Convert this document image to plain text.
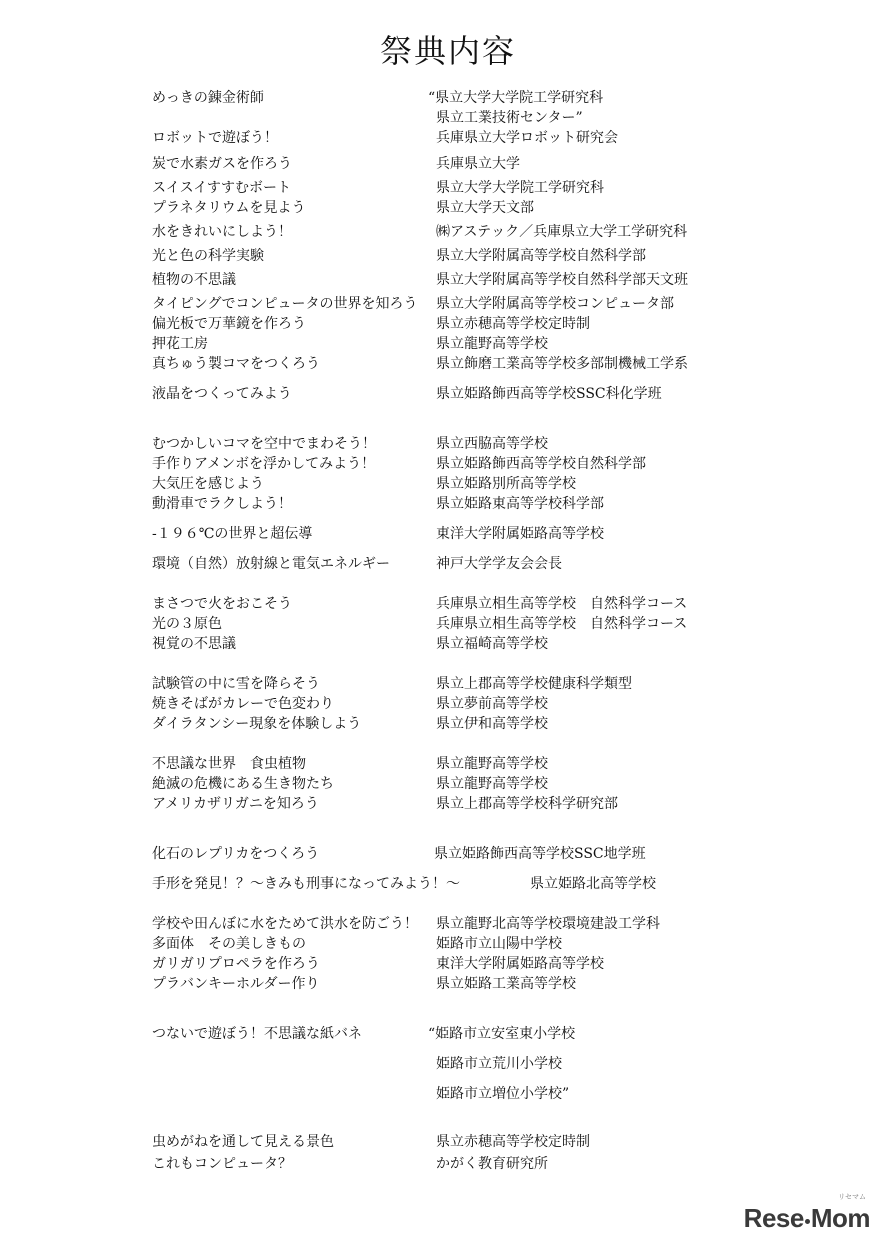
祭典内容
めっきの錬金術師	“県立大学大学院工学研究科
県立工業技術センター”
ロボットで遊ぼう！	兵庫県立大学ロボット研究会
炭で水素ガスを作ろう	兵庫県立大学
スイスイすすむボート	県立大学大学院工学研究科
プラネタリウムを見よう	県立大学天文部
水をきれいにしよう！	㈱アステック／兵庫県立大学工学研究科
光と色の科学実験	県立大学附属高等学校自然科学部
植物の不思議	県立大学附属高等学校自然科学部天文班
タイピングでコンピュータの世界を知ろう 県立大学附属高等学校コンピュータ部
偏光板で万華鏡を作ろう	県立赤穂高等学校定時制
押花工房	県立龍野高等学校
真ちゅう製コマをつくろう	県立飾磨工業高等学校多部制機械工学系
液晶をつくってみよう	県立姫路飾西高等学校SSC科化学班
むつかしいコマを空中でまわそう！	県立西脇高等学校
手作りアメンボを浮かしてみよう！	県立姫路飾西高等学校自然科学部
大気圧を感じよう	県立姫路別所高等学校
動滑車でラクしよう！	県立姫路東高等学校科学部
-１９６℃の世界と超伝導	東洋大学附属姫路高等学校
環境（自然）放射線と電気エネルギー	神戸大学学友会会長
まさつで火をおこそう	兵庫県立相生高等学校　自然科学コース
光の３原色	兵庫県立相生高等学校　自然科学コース
視覚の不思議	県立福崎高等学校
試験管の中に雪を降らそう	県立上郡高等学校健康科学類型
焼きそばがカレーで色変わり	県立夢前高等学校
ダイラタンシー現象を体験しよう	県立伊和高等学校
不思議な世界　食虫植物	県立龍野高等学校
絶滅の危機にある生き物たち	県立龍野高等学校
アメリカザリガニを知ろう	県立上郡高等学校科学研究部
化石のレプリカをつくろう	県立姫路飾西高等学校SSC地学班
手形を発見！？～きみも刑事になってみよう！～	県立姫路北高等学校
学校や田んぼに水をためて洪水を防ごう！ 県立龍野北高等学校環境建設工学科
多面体　その美しきもの	姫路市立山陽中学校
ガリガリプロペラを作ろう	東洋大学附属姫路高等学校
プラバンキーホルダー作り	県立姫路工業高等学校
つないで遊ぼう！不思議な紙バネ	“姫路市立安室東小学校
姫路市立荒川小学校
姫路市立増位小学校”
虫めがねを通して見える景色	県立赤穂高等学校定時制
これもコンピュータ？	かがく教育研究所
リセマム
Rese Mom
